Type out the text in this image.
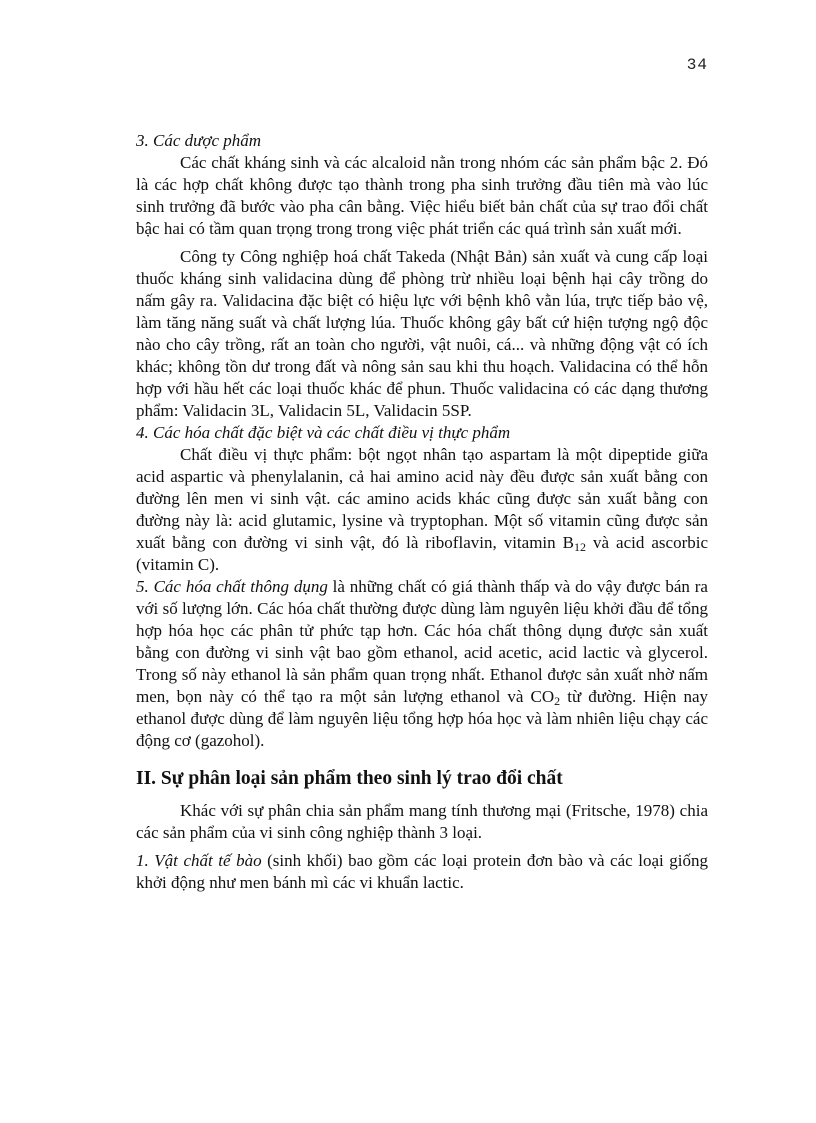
34

3. Các dược phẩm

Các chất kháng sinh và các alcaloid nằn trong nhóm các sản phẩm bậc 2. Đó là các hợp chất không được tạo thành trong pha sinh trưởng đầu tiên mà vào lúc sinh trưởng đã bước vào pha cân bằng. Việc hiểu biết bản chất của sự trao đổi chất bậc hai có tầm quan trọng trong trong việc phát triển các quá trình sản xuất mới.

Công ty Công nghiệp hoá chất Takeda (Nhật Bản) sản xuất và cung cấp loại thuốc kháng sinh validacina dùng để phòng trừ nhiều loại bệnh hại cây trồng do nấm gây ra. Validacina đặc biệt có hiệu lực với bệnh khô vằn lúa, trực tiếp bảo vệ, làm tăng năng suất và chất lượng lúa. Thuốc không gây bất cứ hiện tượng ngộ độc nào cho cây trồng, rất an toàn cho người, vật nuôi, cá... và những động vật có ích khác; không tồn dư trong đất và nông sản sau khi thu hoạch. Validacina có thể hỗn hợp với hầu hết các loại thuốc khác để phun. Thuốc validacina có các dạng thương phẩm: Validacin 3L, Validacin 5L, Validacin 5SP.

4. Các hóa chất đặc biệt và các chất điều vị thực phẩm

Chất điều vị thực phẩm: bột ngọt nhân tạo aspartam là một dipeptide giữa acid aspartic và phenylalanin, cả hai amino acid này đều được sản xuất bằng con đường lên men vi sinh vật. các amino acids khác cũng được sản xuất bằng con đường này là: acid glutamic, lysine và tryptophan. Một số vitamin cũng được sản xuất bằng con đường vi sinh vật, đó là riboflavin, vitamin $B_{12}$ và acid ascorbic (vitamin C).

5. Các hóa chất thông dụng là những chất có giá thành thấp và do vậy được bán ra với số lượng lớn. Các hóa chất thường được dùng làm nguyên liệu khởi đầu để tổng hợp hóa học các phân tử phức tạp hơn. Các hóa chất thông dụng được sản xuất bằng con đường vi sinh vật bao gồm ethanol, acid acetic, acid lactic và glycerol. Trong số này ethanol là sản phẩm quan trọng nhất. Ethanol được sản xuất nhờ nấm men, bọn này có thể tạo ra một sản lượng ethanol và $CO_2$ từ đường. Hiện nay ethanol được dùng để làm nguyên liệu tổng hợp hóa học và làm nhiên liệu chạy các động cơ (gazohol).

II. Sự phân loại sản phẩm theo sinh lý trao đổi chất

Khác với sự phân chia sản phẩm mang tính thương mại (Fritsche, 1978) chia các sản phẩm của vi sinh công nghiệp thành 3 loại.

1. Vật chất tế bào (sinh khối) bao gồm các loại protein đơn bào và các loại giống khởi động như men bánh mì các vi khuẩn lactic.
